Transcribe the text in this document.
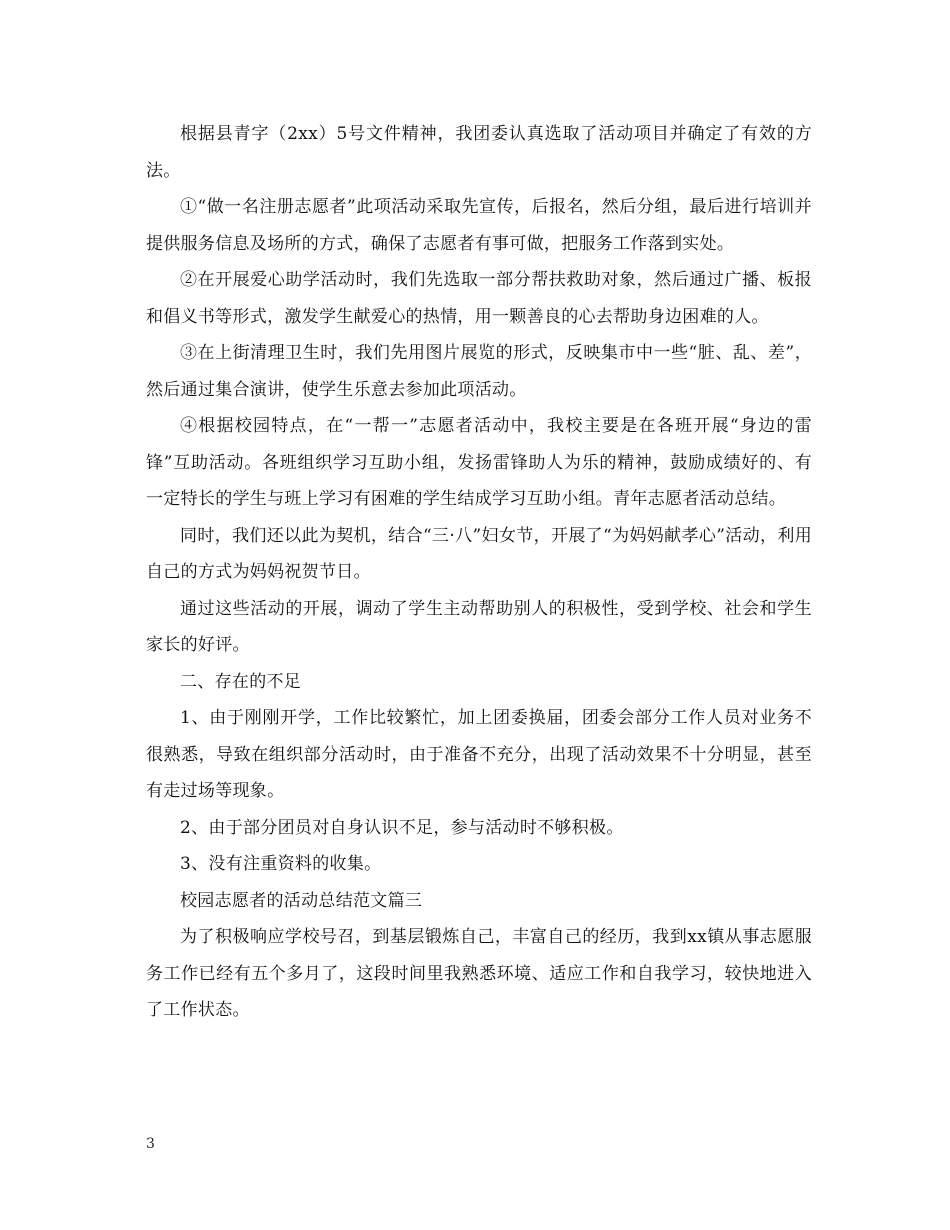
根据县青字（2xx）5号文件精神，我团委认真选取了活动项目并确定了有效的方法。

①“做一名注册志愿者”此项活动采取先宣传，后报名，然后分组，最后进行培训并提供服务信息及场所的方式，确保了志愿者有事可做，把服务工作落到实处。

②在开展爱心助学活动时，我们先选取一部分帮扶救助对象，然后通过广播、板报和倡义书等形式，激发学生献爱心的热情，用一颗善良的心去帮助身边困难的人。

③在上街清理卫生时，我们先用图片展览的形式，反映集市中一些“脏、乱、差”，然后通过集合演讲，使学生乐意去参加此项活动。

④根据校园特点，在“一帮一”志愿者活动中，我校主要是在各班开展“身边的雷锋”互助活动。各班组织学习互助小组，发扬雷锋助人为乐的精神，鼓励成绩好的、有一定特长的学生与班上学习有困难的学生结成学习互助小组。青年志愿者活动总结。

同时，我们还以此为契机，结合“三·八”妇女节，开展了“为妈妈献孝心”活动，利用自己的方式为妈妈祝贺节日。

通过这些活动的开展，调动了学生主动帮助别人的积极性，受到学校、社会和学生家长的好评。

二、存在的不足

1、由于刚刚开学，工作比较繁忙，加上团委换届，团委会部分工作人员对业务不很熟悉，导致在组织部分活动时，由于准备不充分，出现了活动效果不十分明显，甚至有走过场等现象。

2、由于部分团员对自身认识不足，参与活动时不够积极。

3、没有注重资料的收集。

校园志愿者的活动总结范文篇三

为了积极响应学校号召，到基层锻炼自己，丰富自己的经历，我到xx镇从事志愿服务工作已经有五个多月了，这段时间里我熟悉环境、适应工作和自我学习，较快地进入了工作状态。

3
